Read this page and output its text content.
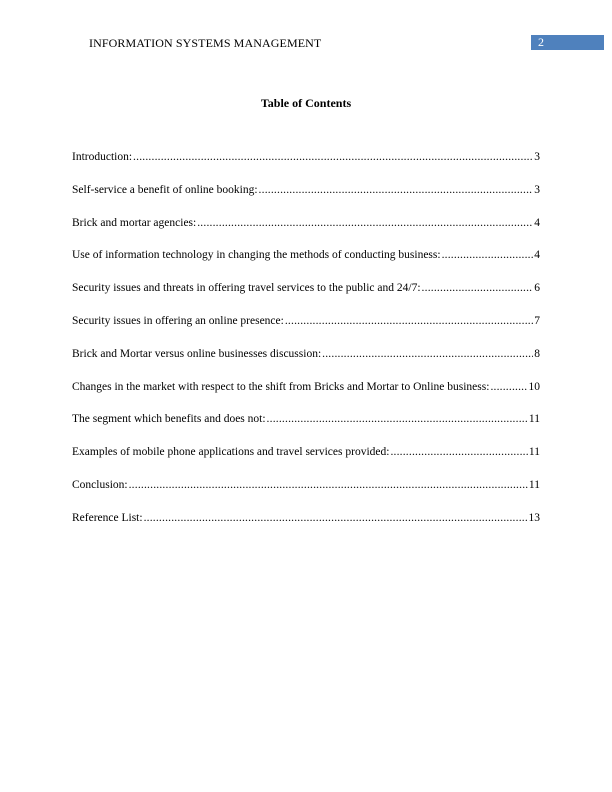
INFORMATION SYSTEMS MANAGEMENT	2
Table of Contents
Introduction: .....	3
Self-service a benefit of online booking: .....	3
Brick and mortar agencies: .....	4
Use of information technology in changing the methods of conducting business: .....	4
Security issues and threats in offering travel services to the public and 24/7: .....	6
Security issues in offering an online presence: .....	7
Brick and Mortar versus online businesses discussion: .....	8
Changes in the market with respect to the shift from Bricks and Mortar to Online business: .....	10
The segment which benefits and does not: .....	11
Examples of mobile phone applications and travel services provided: .....	11
Conclusion: .....	11
Reference List: .....	13
